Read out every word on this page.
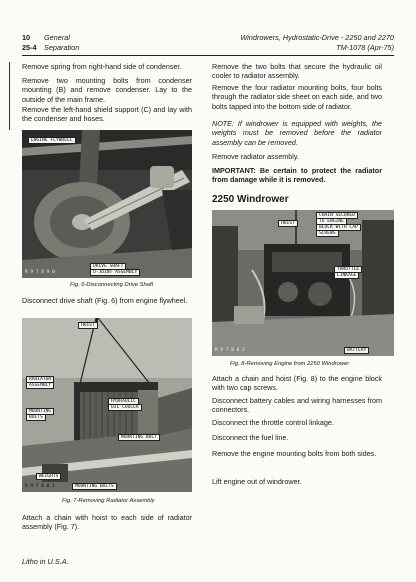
10 General
25-4 Separation
Windrowers, Hydrostatic-Drive - 2250 and 2270
TM-1078 (Apr-75)

Remove spring from right-hand side of condenser.

Remove two mounting bolts from condenser mounting (B) and remove condenser. Lay to the outside of the main frame.

Remove the left-hand shield support (C) and lay with the condenser and hoses.

ENGINE FLYWHEEL
DRIVE SHAFT
U-JOINT ASSEMBLY
R 9 7 8 9 0
Fig. 6-Disconnecting Drive Shaft

Disconnect drive shaft (Fig. 6) from engine flywheel.

HOIST
RADIATOR
ASSEMBLY
HYDRAULIC
OIL COOLER
MOUNTING
BOLTS
MOUNTING BOLT
WEIGHTS
MOUNTING BOLTS
R 9 7 8 8 1
Fig. 7-Removing Radiator Assembly

Attach a chain with hoist to each side of radiator assembly (Fig. 7).

Remove the two bolts that secure the hydraulic oil cooler to radiator assembly.

Remove the four radiator mounting bolts, four bolts through the radiator side sheet on each side, and two bolts tapped into the bottom side of radiator.

NOTE: If windrower is equipped with weights, the weights must be removed before the radiator assembly can be removed.

Remove radiator assembly.

IMPORTANT: Be certain to protect the radiator from damage while it is removed.

2250 Windrower
HOIST
CHAIN SECURED
TO ENGINE
BLOCK WITH CAP
SCREWS
THROTTLE
LINKAGE
BATTERY
R 9 7 8 8 2
Fig. 8-Removing Engine from 2250 Windrower

Attach a chain and hoist (Fig. 8) to the engine block with two cap screws.

Disconnect battery cables and wiring harnesses from connectors.

Disconnect the throttle control linkage.

Disconnect the fuel line.

Remove the engine mounting bolts from both sides.

Lift engine out of windrower.

Litho in U.S.A.
